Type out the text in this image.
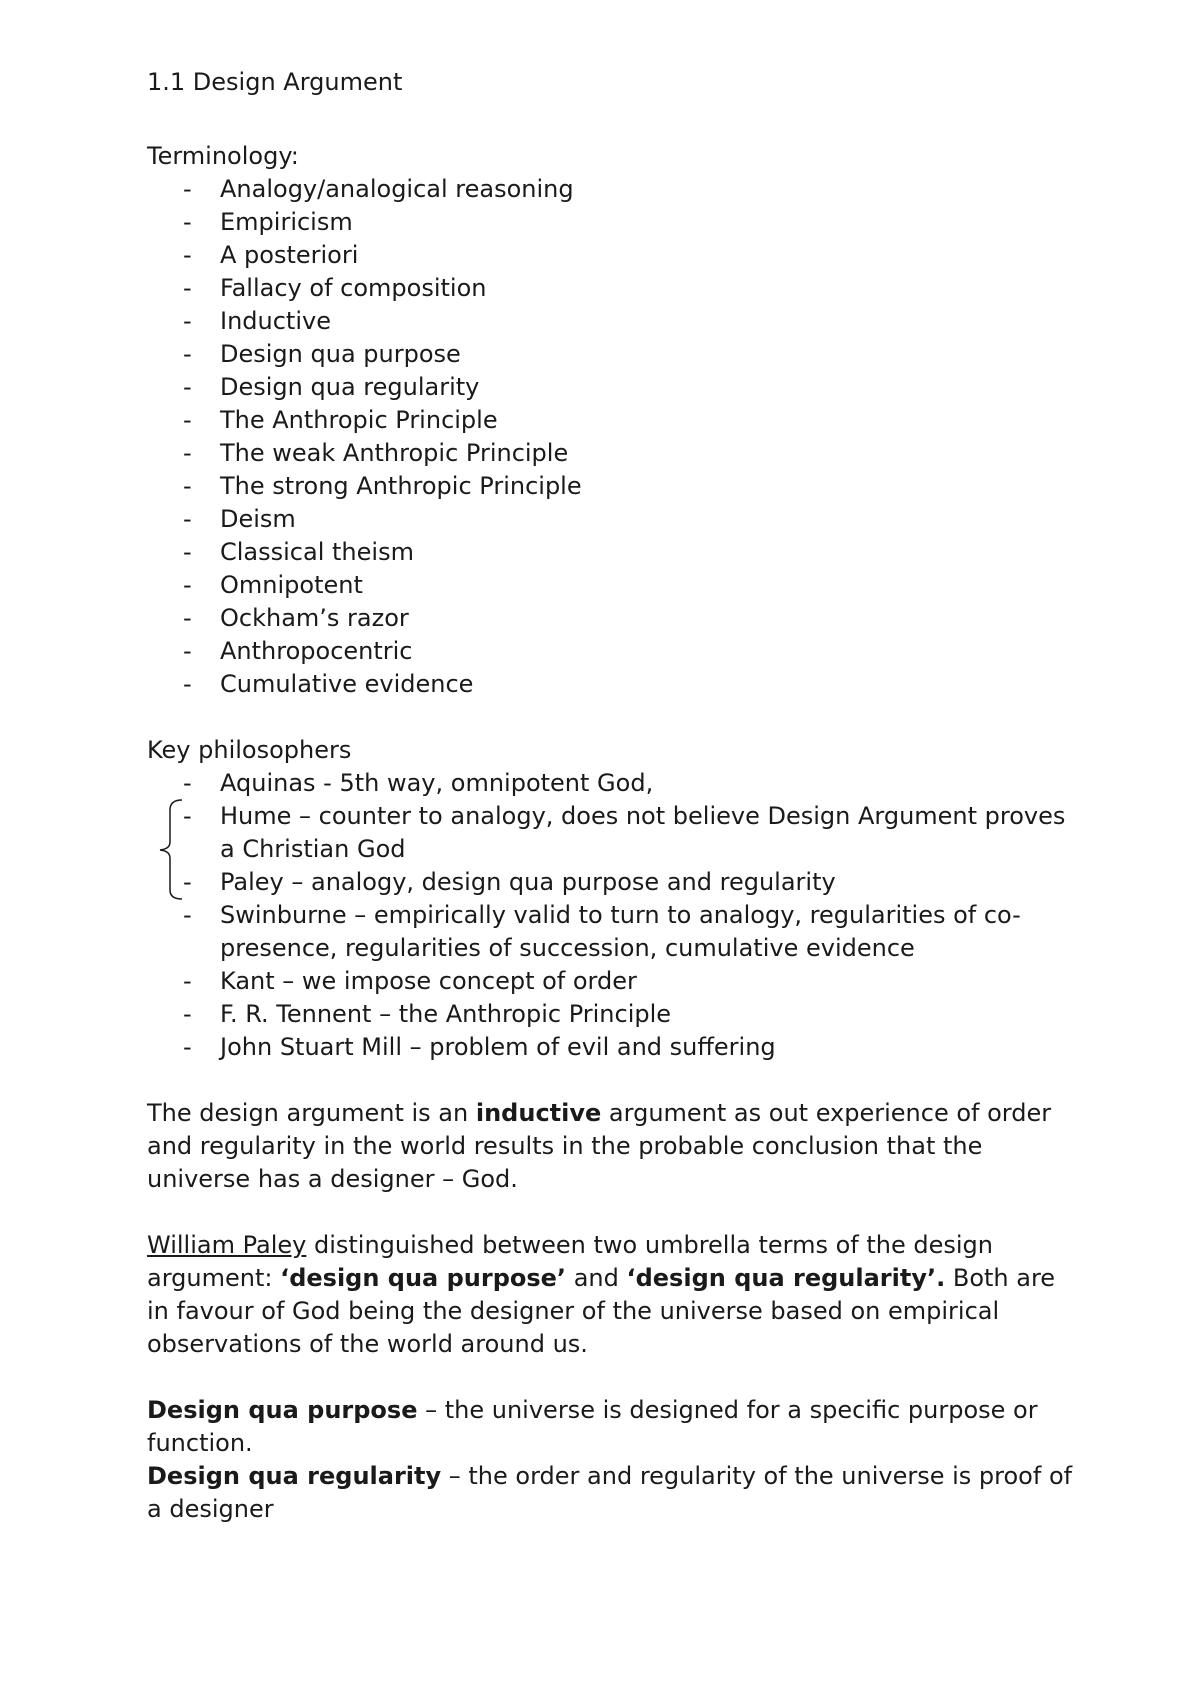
1.1 Design Argument
Terminology:
- Analogy/analogical reasoning
- Empiricism
- A posteriori
- Fallacy of composition
- Inductive
- Design qua purpose
- Design qua regularity
- The Anthropic Principle
- The weak Anthropic Principle
- The strong Anthropic Principle
- Deism
- Classical theism
- Omnipotent
- Ockham’s razor
- Anthropocentric
- Cumulative evidence
Key philosophers
- Aquinas - 5th way, omnipotent God,
- Hume – counter to analogy, does not believe Design Argument proves a Christian God
- Paley – analogy, design qua purpose and regularity
- Swinburne – empirically valid to turn to analogy, regularities of co-presence, regularities of succession, cumulative evidence
- Kant – we impose concept of order
- F. R. Tennent – the Anthropic Principle
- John Stuart Mill – problem of evil and suffering

The design argument is an inductive argument as out experience of order and regularity in the world results in the probable conclusion that the universe has a designer – God.

William Paley distinguished between two umbrella terms of the design argument: ‘design qua purpose’ and ‘design qua regularity’. Both are in favour of God being the designer of the universe based on empirical observations of the world around us.

Design qua purpose – the universe is designed for a specific purpose or function.

Design qua regularity – the order and regularity of the universe is proof of a designer
